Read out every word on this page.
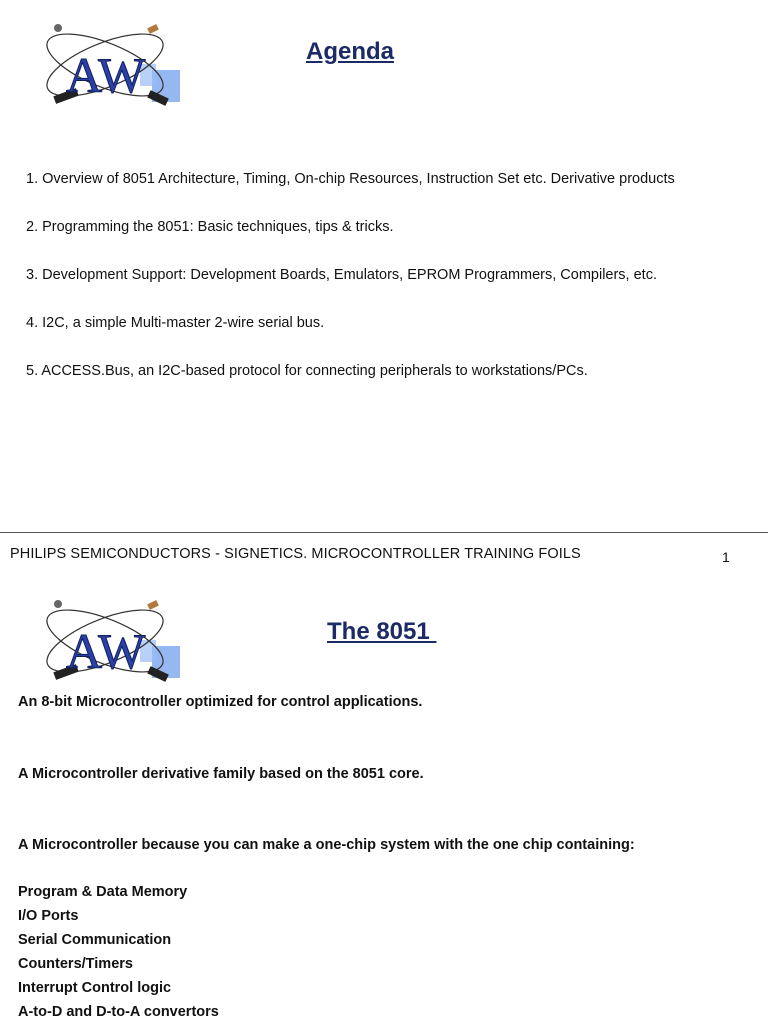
AW	Agenda
1. Overview of 8051 Architecture, Timing, On-chip Resources, Instruction Set etc. Derivative products
2. Programming the 8051: Basic techniques, tips & tricks.
3. Development Support: Development Boards, Emulators, EPROM Programmers, Compilers, etc.
4. I2C, a simple Multi-master 2-wire serial bus.
5. ACCESS.Bus, an I2C-based protocol for connecting peripherals to workstations/PCs.
PHILIPS SEMICONDUCTORS - SIGNETICS. MICROCONTROLLER TRAINING FOILS	1
AW	The 8051
An 8-bit Microcontroller optimized for control applications.
A Microcontroller derivative family based on the 8051 core.
A Microcontroller because you can make a one-chip system with the one chip containing:
Program & Data Memory
I/O Ports
Serial Communication
Counters/Timers
Interrupt Control logic
A-to-D and D-to-A convertors
